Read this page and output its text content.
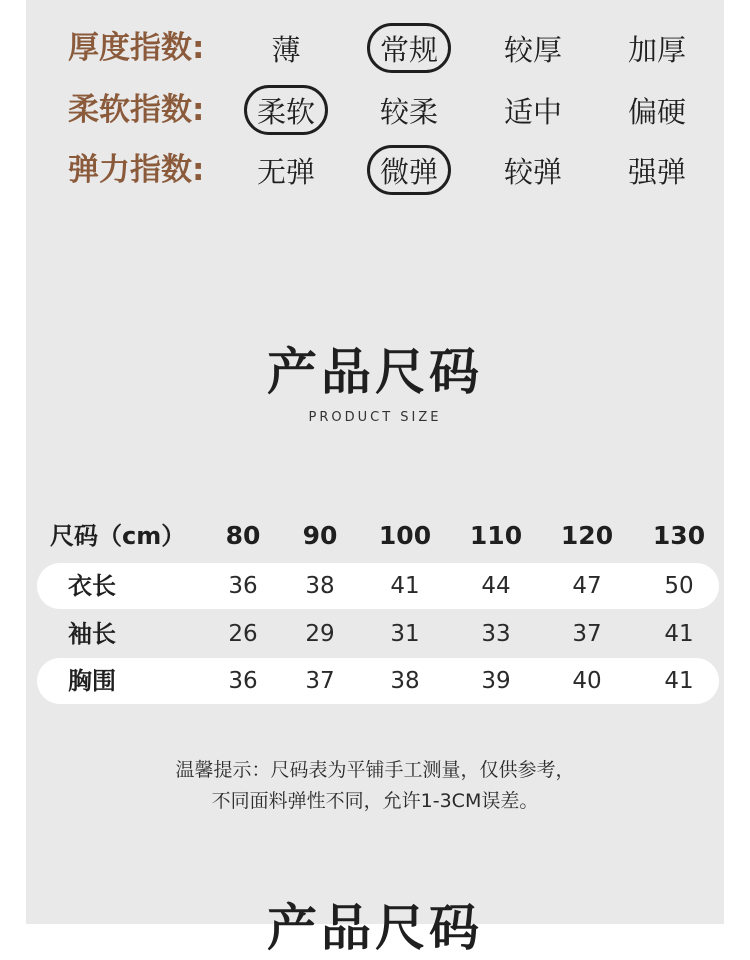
厚度指数:	薄	常规	较厚	加厚
柔软指数:	柔软	较柔	适中	偏硬
弹力指数:	无弹	微弹	较弹	强弹
产品尺码
PRODUCT SIZE
尺码（cm） 80 90 100 110 120 130
衣长	36 38 41	44	47	50
袖长	26 29 31	33	37	41
胸围	36 37 38	39	40	41
温馨提示：尺码表为平铺手工测量，仅供参考，
不同面料弹性不同，允许1-3CM误差。
产品尺码
